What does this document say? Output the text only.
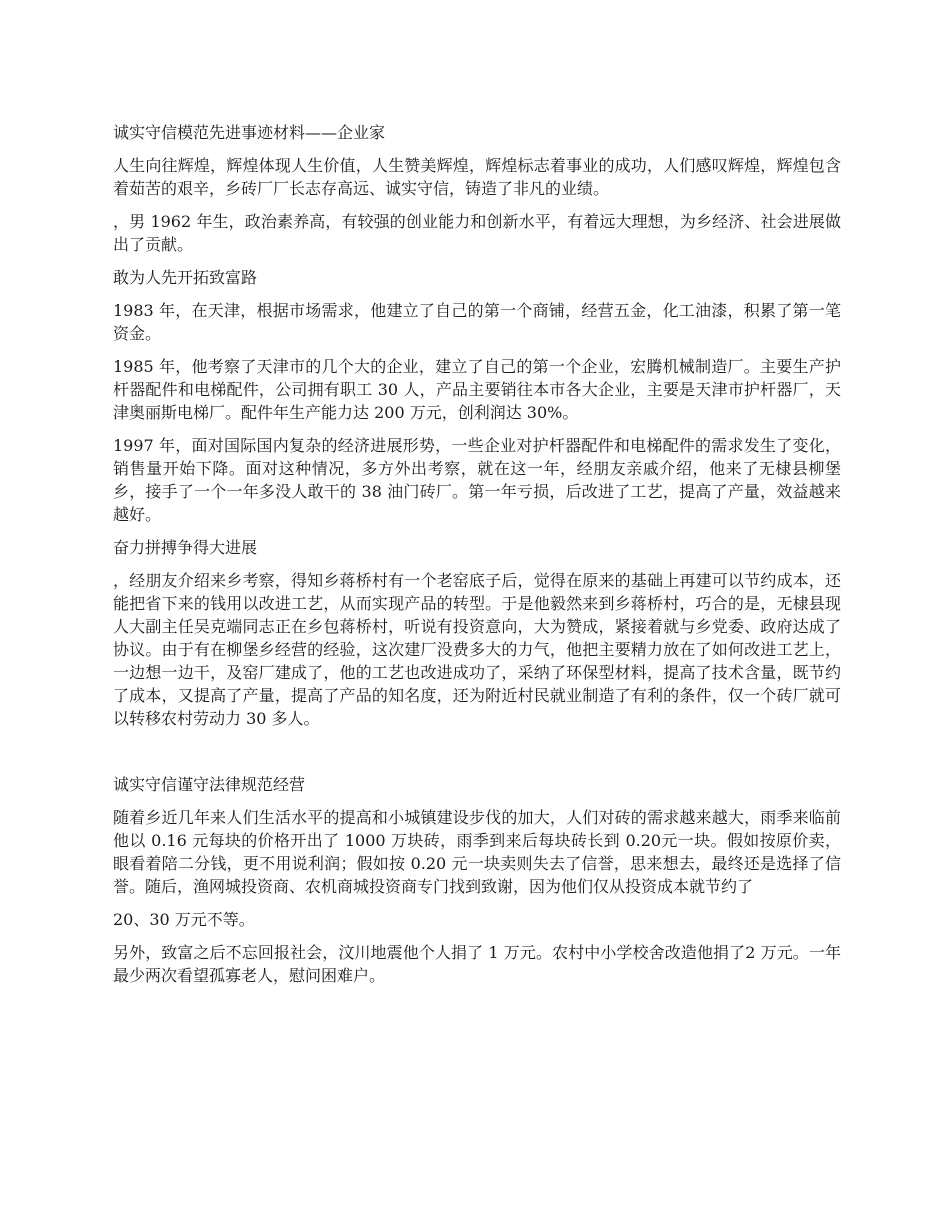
诚实守信模范先进事迹材料——企业家

人生向往辉煌，辉煌体现人生价值，人生赞美辉煌，辉煌标志着事业的成功，人们感叹辉煌，辉煌包含着茹苦的艰辛，乡砖厂厂长志存高远、诚实守信，铸造了非凡的业绩。

，男 1962 年生，政治素养高，有较强的创业能力和创新水平，有着远大理想，为乡经济、社会进展做出了贡献。

敢为人先开拓致富路

1983 年，在天津，根据市场需求，他建立了自己的第一个商铺，经营五金，化工油漆，积累了第一笔资金。

1985 年，他考察了天津市的几个大的企业，建立了自己的第一个企业，宏腾机械制造厂。主要生产护杆器配件和电梯配件，公司拥有职工 30 人，产品主要销往本市各大企业，主要是天津市护杆器厂，天津奥丽斯电梯厂。配件年生产能力达 200 万元，创利润达 30%。

1997 年，面对国际国内复杂的经济进展形势，一些企业对护杆器配件和电梯配件的需求发生了变化，销售量开始下降。面对这种情况，多方外出考察，就在这一年，经朋友亲戚介绍，他来了无棣县柳堡乡，接手了一个一年多没人敢干的 38 油门砖厂。第一年亏损，后改进了工艺，提高了产量，效益越来越好。

奋力拼搏争得大进展

，经朋友介绍来乡考察，得知乡蒋桥村有一个老窑底子后，觉得在原来的基础上再建可以节约成本，还能把省下来的钱用以改进工艺，从而实现产品的转型。于是他毅然来到乡蒋桥村，巧合的是，无棣县现人大副主任吴克端同志正在乡包蒋桥村，听说有投资意向，大为赞成，紧接着就与乡党委、政府达成了协议。由于有在柳堡乡经营的经验，这次建厂没费多大的力气，他把主要精力放在了如何改进工艺上，一边想一边干，及窑厂建成了，他的工艺也改进成功了，采纳了环保型材料，提高了技术含量，既节约了成本，又提高了产量，提高了产品的知名度，还为附近村民就业制造了有利的条件，仅一个砖厂就可以转移农村劳动力 30 多人。

诚实守信谨守法律规范经营

随着乡近几年来人们生活水平的提高和小城镇建设步伐的加大，人们对砖的需求越来越大，雨季来临前他以 0.16 元每块的价格开出了 1000 万块砖，雨季到来后每块砖长到 0.20元一块。假如按原价卖，眼看着陪二分钱，更不用说利润；假如按 0.20 元一块卖则失去了信誉，思来想去，最终还是选择了信誉。随后，渔网城投资商、农机商城投资商专门找到致谢，因为他们仅从投资成本就节约了

20、30 万元不等。

另外，致富之后不忘回报社会，汶川地震他个人捐了 1 万元。农村中小学校舍改造他捐了2 万元。一年最少两次看望孤寡老人，慰问困难户。
